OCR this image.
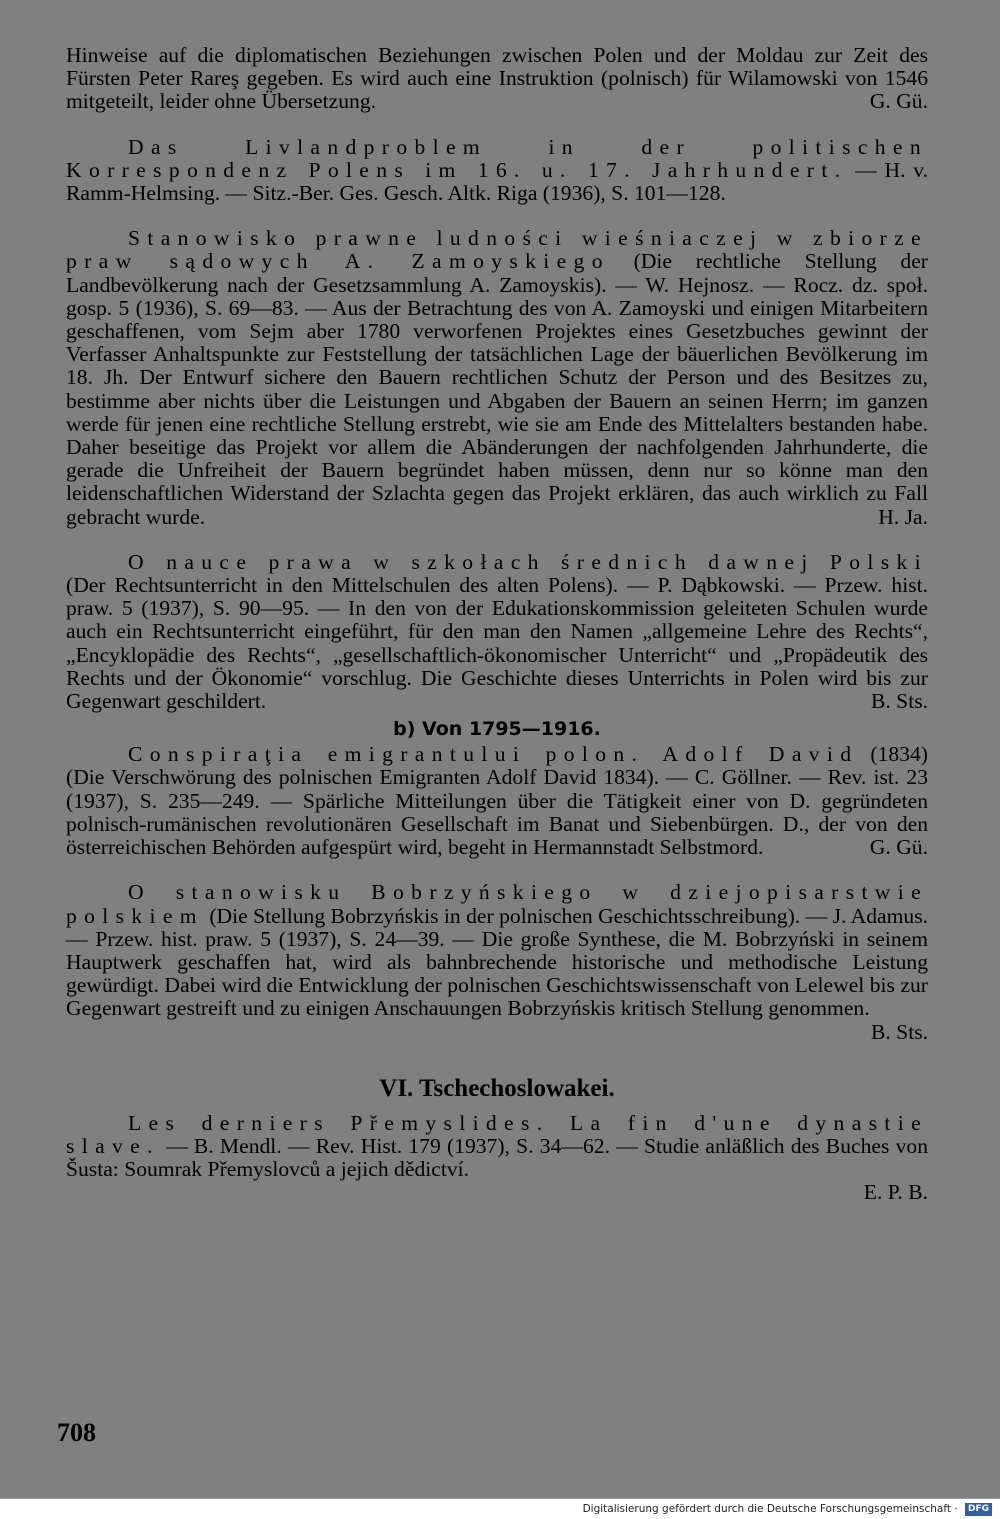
Hinweise auf die diplomatischen Beziehungen zwischen Polen und der Moldau zur Zeit des Fürsten Peter Rareş gegeben. Es wird auch eine Instruktion (polnisch) für Wilamowski von 1546 mitgeteilt, leider ohne Übersetzung.	G. Gü.
Das Livlandproblem in der politischen Korrespondenz Polens im 16. u. 17. Jahrhundert. — H. v. Ramm-Helmsing. — Sitz.-Ber. Ges. Gesch. Altk. Riga (1936), S. 101—128.
Stanowisko prawne ludności wieśniaczej w zbiorze praw sądowych A. Zamoyskiego (Die rechtliche Stellung der Landbevölkerung nach der Gesetzsammlung A. Zamoyskis). — W. Hejnosz. — Rocz. dz. społ. gosp. 5 (1936), S. 69—83. — Aus der Betrachtung des von A. Zamoyski und einigen Mitarbeitern geschaffenen, vom Sejm aber 1780 verworfenen Projektes eines Gesetzbuches gewinnt der Verfasser Anhaltspunkte zur Feststellung der tatsächlichen Lage der bäuerlichen Bevölkerung im 18. Jh. Der Entwurf sichere den Bauern rechtlichen Schutz der Person und des Besitzes zu, bestimme aber nichts über die Leistungen und Abgaben der Bauern an seinen Herrn; im ganzen werde für jenen eine rechtliche Stellung erstrebt, wie sie am Ende des Mittelalters bestanden habe. Daher beseitige das Projekt vor allem die Abänderungen der nachfolgenden Jahrhunderte, die gerade die Unfreiheit der Bauern begründet haben müssen, denn nur so könne man den leidenschaftlichen Widerstand der Szlachta gegen das Projekt erklären, das auch wirklich zu Fall gebracht wurde.	H. Ja.
O nauce prawa w szkołach średnich dawnej Polski (Der Rechtsunterricht in den Mittelschulen des alten Polens). — P. Dąbkowski. — Przew. hist. praw. 5 (1937), S. 90—95. — In den von der Edukationskommission geleiteten Schulen wurde auch ein Rechtsunterricht eingeführt, für den man den Namen „allgemeine Lehre des Rechts“, „Encyklopädie des Rechts“, „gesellschaftlich-ökonomischer Unterricht“ und „Propädeutik des Rechts und der Ökonomie“ vorschlug. Die Geschichte dieses Unterrichts in Polen wird bis zur Gegenwart geschildert.	B. Sts.
b) Von 1795—1916.
Conspiraţia emigrantului polon. Adolf David (1834) (Die Verschwörung des polnischen Emigranten Adolf David 1834). — C. Göllner. — Rev. ist. 23 (1937), S. 235—249. — Spärliche Mitteilungen über die Tätigkeit einer von D. gegründeten polnisch-rumänischen revolutionären Gesellschaft im Banat und Siebenbürgen. D., der von den österreichischen Behörden aufgespürt wird, begeht in Hermannstadt Selbstmord.	G. Gü.
O stanowisku Bobrzyńskiego w dziejopisarstwie polskiem (Die Stellung Bobrzyńskis in der polnischen Geschichtsschreibung). — J. Adamus. — Przew. hist. praw. 5 (1937), S. 24—39. — Die große Synthese, die M. Bobrzyński in seinem Hauptwerk geschaffen hat, wird als bahnbrechende historische und methodische Leistung gewürdigt. Dabei wird die Entwicklung der polnischen Geschichtswissenschaft von Lelewel bis zur Gegenwart gestreift und zu einigen Anschauungen Bobrzyńskis kritisch Stellung genommen.
B. Sts.
VI. Tschechoslowakei.
Les derniers Přemyslides. La fin d'une dynastie slave. — B. Mendl. — Rev. Hist. 179 (1937), S. 34—62. — Studie anläßlich des Buches von Šusta: Soumrak Přemyslovců a jejich dědictví.
E. P. B.
708
Digitalisierung gefördert durch die Deutsche Forschungsgemeinschaft · DFG
